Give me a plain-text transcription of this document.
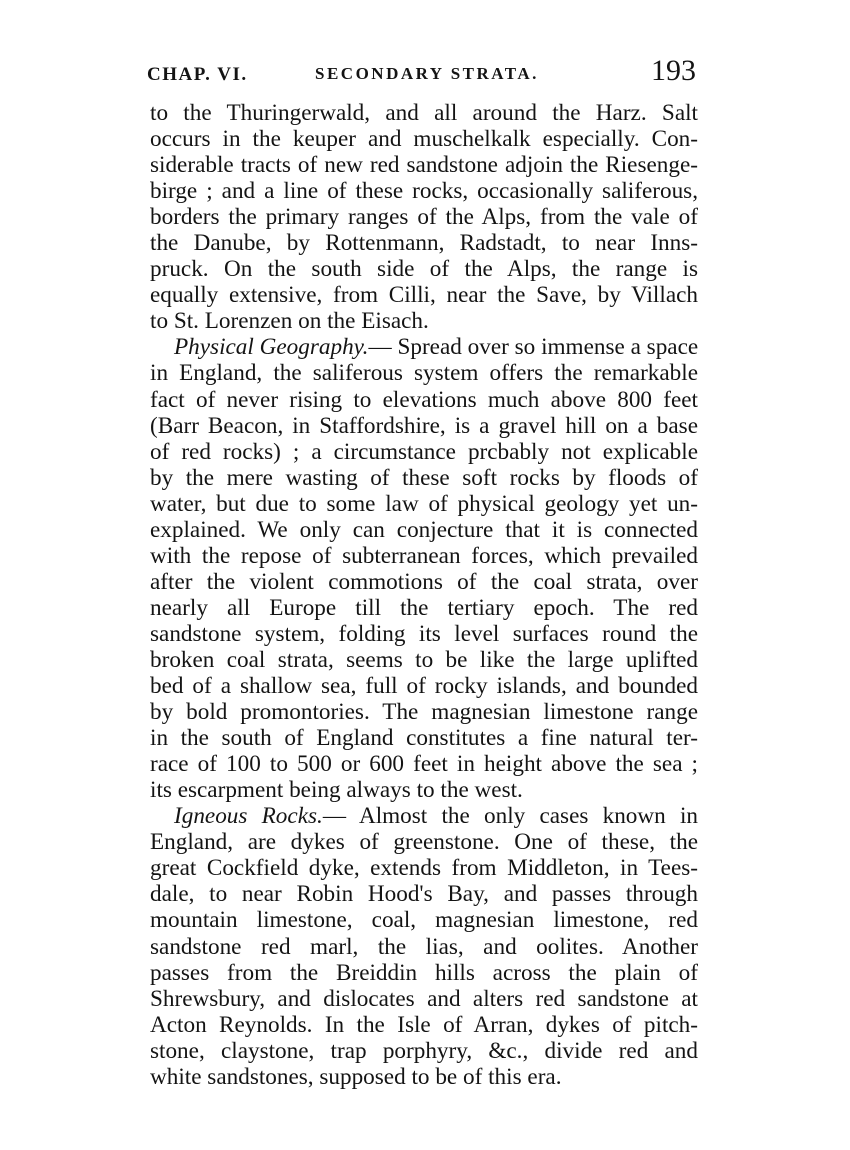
CHAP. VI.	SECONDARY STRATA.	193
to the Thuringerwald, and all around the Harz. Salt
occurs in the keuper and muschelkalk especially. Con-
siderable tracts of new red sandstone adjoin the Riesenge-
birge ; and a line of these rocks, occasionally saliferous,
borders the primary ranges of the Alps, from the vale of
the Danube, by Rottenmann, Radstadt, to near Inns-
pruck. On the south side of the Alps, the range is
equally extensive, from Cilli, near the Save, by Villach
to St. Lorenzen on the Eisach.
Physical Geography.— Spread over so immense a space
in England, the saliferous system offers the remarkable
fact of never rising to elevations much above 800 feet
(Barr Beacon, in Staffordshire, is a gravel hill on a base
of red rocks) ; a circumstance prcbably not explicable
by the mere wasting of these soft rocks by floods of
water, but due to some law of physical geology yet un-
explained. We only can conjecture that it is connected
with the repose of subterranean forces, which prevailed
after the violent commotions of the coal strata, over
nearly all Europe till the tertiary epoch. The red
sandstone system, folding its level surfaces round the
broken coal strata, seems to be like the large uplifted
bed of a shallow sea, full of rocky islands, and bounded
by bold promontories. The magnesian limestone range
in the south of England constitutes a fine natural ter-
race of 100 to 500 or 600 feet in height above the sea ;
its escarpment being always to the west.
Igneous Rocks.— Almost the only cases known in
England, are dykes of greenstone. One of these, the
great Cockfield dyke, extends from Middleton, in Tees-
dale, to near Robin Hood's Bay, and passes through
mountain limestone, coal, magnesian limestone, red
sandstone red marl, the lias, and oolites. Another
passes from the Breiddin hills across the plain of
Shrewsbury, and dislocates and alters red sandstone at
Acton Reynolds. In the Isle of Arran, dykes of pitch-
stone, claystone, trap porphyry, &c., divide red and
white sandstones, supposed to be of this era.
